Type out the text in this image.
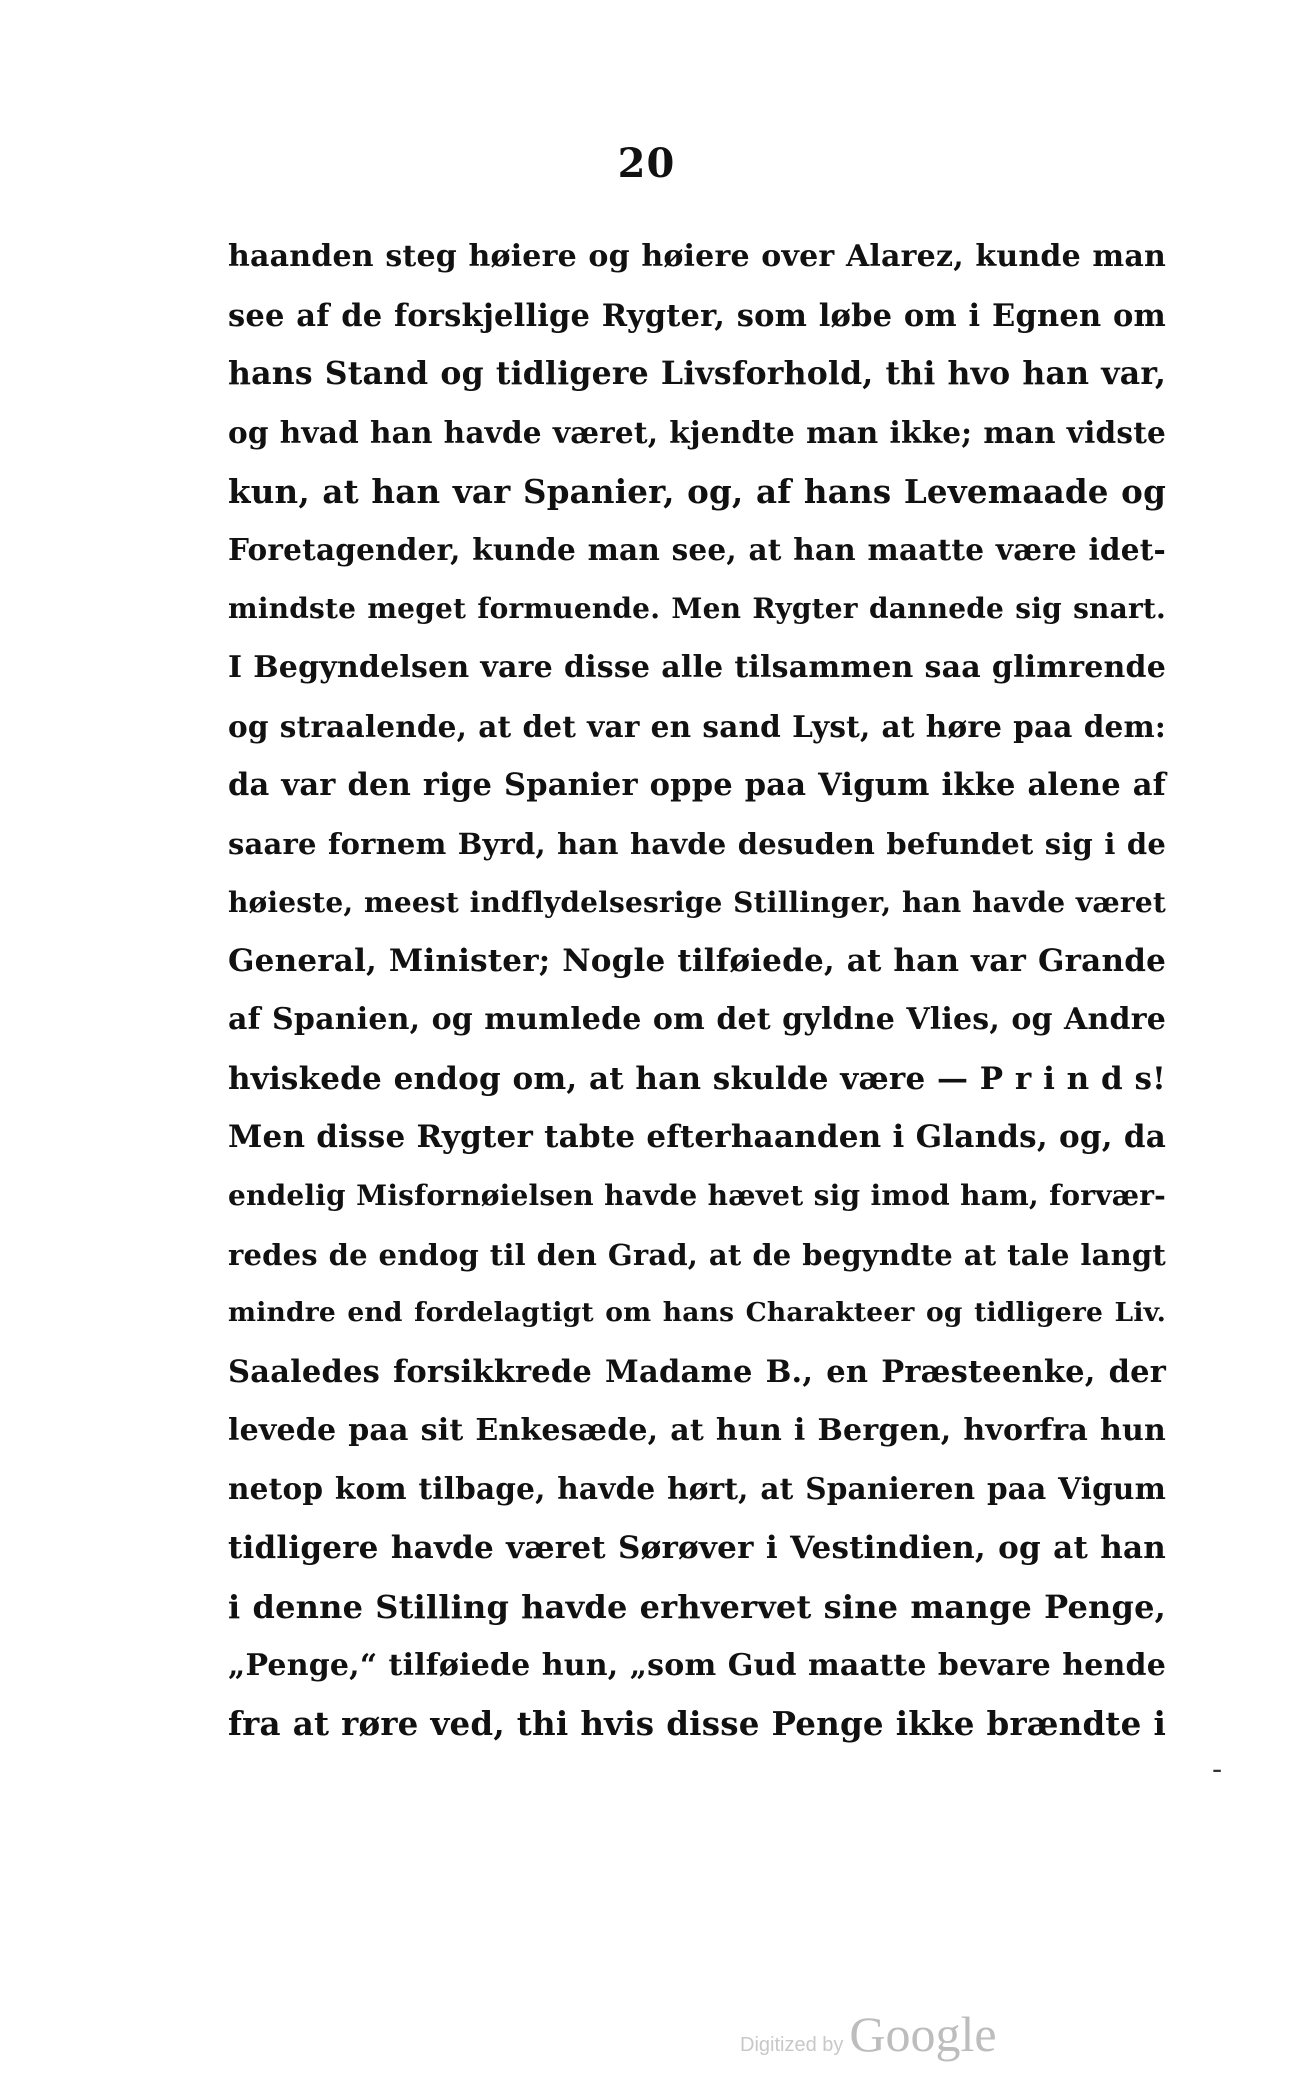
20
haanden steg høiere og høiere over Alarez, kunde man
see af de forskjellige Rygter, som løbe om i Egnen om
hans Stand og tidligere Livsforhold, thi hvo han var,
og hvad han havde været, kjendte man ikke; man vidste
kun, at han var Spanier, og, af hans Levemaade og
Foretagender, kunde man see, at han maatte være idet-
mindste meget formuende. Men Rygter dannede sig snart.
I Begyndelsen vare disse alle tilsammen saa glimrende
og straalende, at det var en sand Lyst, at høre paa dem:
da var den rige Spanier oppe paa Vigum ikke alene af
saare fornem Byrd, han havde desuden befundet sig i de
høieste, meest indflydelsesrige Stillinger, han havde været
General, Minister; Nogle tilføiede, at han var Grande
af Spanien, og mumlede om det gyldne Vlies, og Andre
hviskede endog om, at han skulde være — P r i n d s!
Men disse Rygter tabte efterhaanden i Glands, og, da
endelig Misfornøielsen havde hævet sig imod ham, forvær-
redes de endog til den Grad, at de begyndte at tale langt
mindre end fordelagtigt om hans Charakteer og tidligere Liv.
Saaledes forsikkrede Madame B., en Præsteenke, der
levede paa sit Enkesæde, at hun i Bergen, hvorfra hun
netop kom tilbage, havde hørt, at Spanieren paa Vigum
tidligere havde været Sørøver i Vestindien, og at han
i denne Stilling havde erhvervet sine mange Penge,
„Penge,“ tilføiede hun, „som Gud maatte bevare hende
fra at røre ved, thi hvis disse Penge ikke brændte i
-
Digitized by Google
